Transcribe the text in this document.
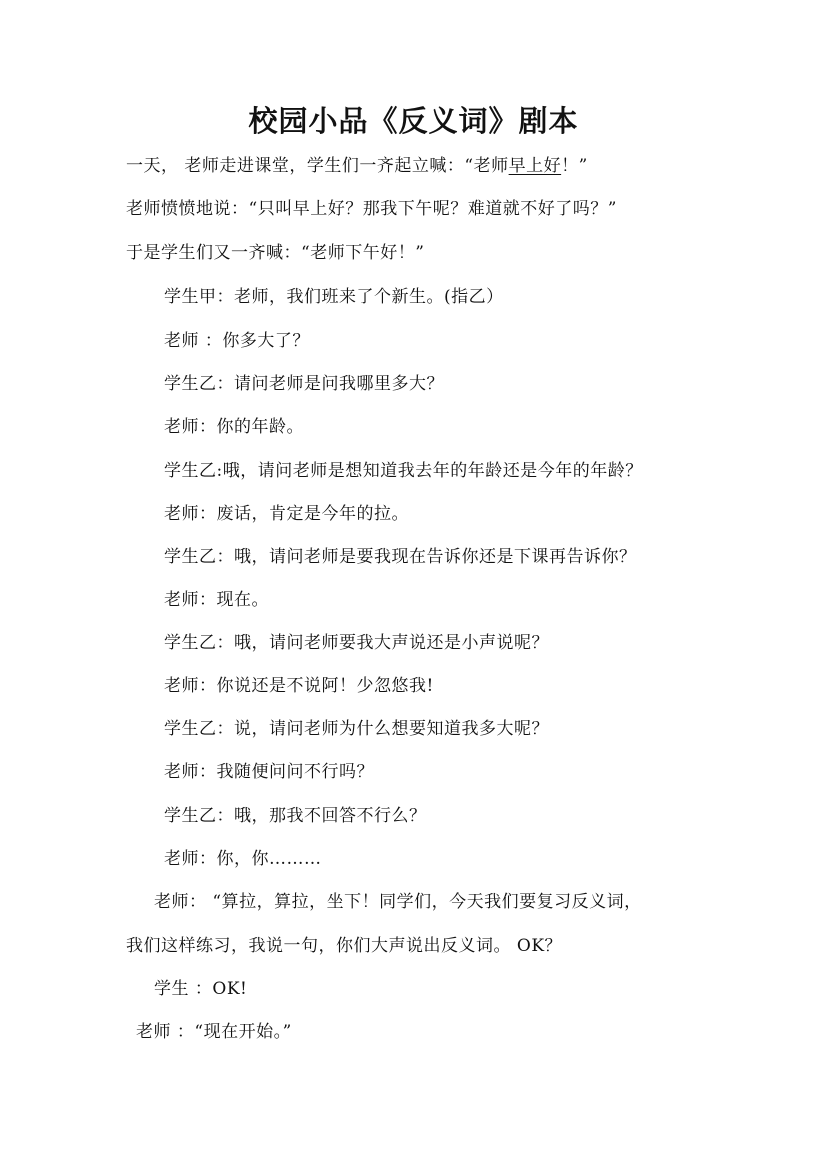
校园小品《反义词》剧本
一天， 老师走进课堂，学生们一齐起立喊：“老师早上好！”
老师愤愤地说：“只叫早上好？那我下午呢？难道就不好了吗？”
于是学生们又一齐喊：“老师下午好！”
学生甲：老师，我们班来了个新生。(指乙）
老师 ：你多大了？
学生乙：请问老师是问我哪里多大？
老师：你的年龄。
学生乙:哦，请问老师是想知道我去年的年龄还是今年的年龄？
老师：废话，肯定是今年的拉。
学生乙：哦，请问老师是要我现在告诉你还是下课再告诉你？
老师：现在。
学生乙：哦，请问老师要我大声说还是小声说呢？
老师：你说还是不说阿！少忽悠我!
学生乙：说，请问老师为什么想要知道我多大呢？
老师：我随便问问不行吗？
学生乙：哦，那我不回答不行么？
老师：你，你………
老师： “算拉，算拉，坐下！同学们，今天我们要复习反义词，
我们这样练习，我说一句，你们大声说出反义词。 OK？
学生 ：OK!
老师 ：“现在开始。”
